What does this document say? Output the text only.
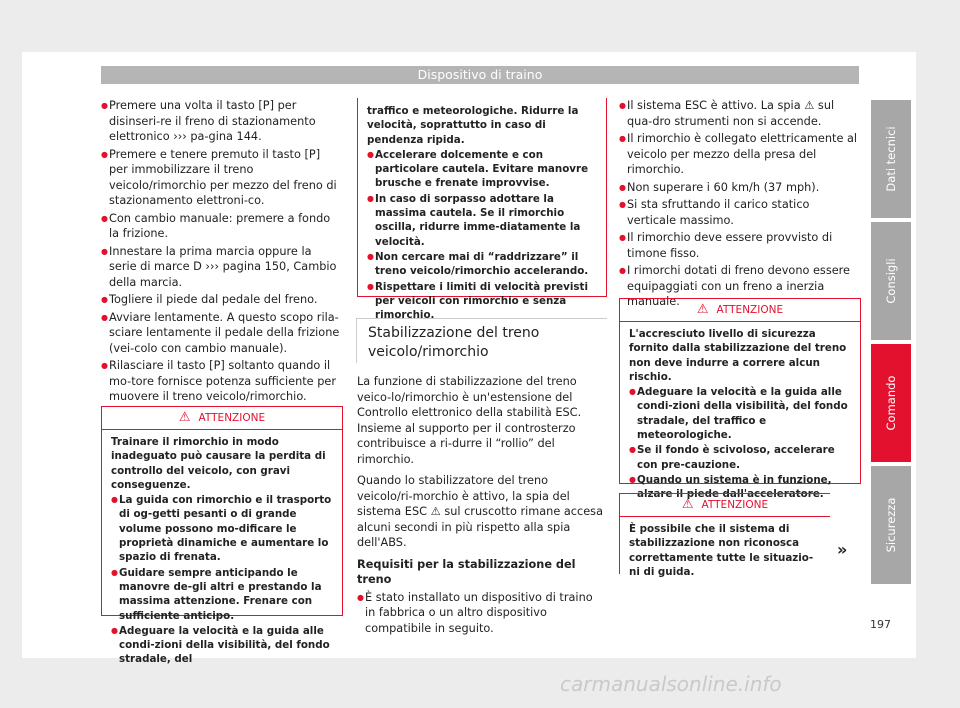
Dispositivo di traino
● Premere una volta il tasto [P] per disinseri-re il freno di stazionamento elettronico ››› pa-gina 144.
● Premere e tenere premuto il tasto [P] per immobilizzare il treno veicolo/rimorchio per mezzo del freno di stazionamento elettroni-co.
● Con cambio manuale: premere a fondo la frizione.
● Innestare la prima marcia oppure la serie di marce D ››› pagina 150, Cambio della marcia.
● Togliere il piede dal pedale del freno.
● Avviare lentamente. A questo scopo rila-sciare lentamente il pedale della frizione (vei-colo con cambio manuale).
● Rilasciare il tasto [P] soltanto quando il mo-tore fornisce potenza sufficiente per muovere il treno veicolo/rimorchio.
⚠ ATTENZIONE

Trainare il rimorchio in modo inadeguato può causare la perdita di controllo del veicolo, con gravi conseguenze.

● La guida con rimorchio e il trasporto di og-getti pesanti o di grande volume possono mo-dificare le proprietà dinamiche e aumentare lo spazio di frenata.
● Guidare sempre anticipando le manovre de-gli altri e prestando la massima attenzione. Frenare con sufficiente anticipo.
● Adeguare la velocità e la guida alle condi-zioni della visibilità, del fondo stradale, del

traffico e meteorologiche. Ridurre la velocità, soprattutto in caso di pendenza ripida.

● Accelerare dolcemente e con particolare cautela. Evitare manovre brusche e frenate improvvise.
● In caso di sorpasso adottare la massima cautela. Se il rimorchio oscilla, ridurre imme-diatamente la velocità.
● Non cercare mai di “raddrizzare” il treno veicolo/rimorchio accelerando.
● Rispettare i limiti di velocità previsti per veicoli con rimorchio e senza rimorchio.
Stabilizzazione del treno veicolo/rimorchio

La funzione di stabilizzazione del treno veico-lo/rimorchio è un'estensione del Controllo elettronico della stabilità ESC. Insieme al supporto per il controsterzo contribuisce a ri-durre il “rollio” del rimorchio.

Quando lo stabilizzatore del treno veicolo/ri-morchio è attivo, la spia del sistema ESC ⚠ sul cruscotto rimane accesa alcuni secondi in più rispetto alla spia dell'ABS.

Requisiti per la stabilizzazione del treno

● È stato installato un dispositivo di traino in fabbrica o un altro dispositivo compatibile in seguito.
● Il sistema ESC è attivo. La spia ⚠ sul qua-dro strumenti non si accende.
● Il rimorchio è collegato elettricamente al veicolo per mezzo della presa del rimorchio.
● Non superare i 60 km/h (37 mph).
● Si sta sfruttando il carico statico verticale massimo.
● Il rimorchio deve essere provvisto di timone fisso.
● I rimorchi dotati di freno devono essere equipaggiati con un freno a inerzia manuale.
⚠ ATTENZIONE

L'accresciuto livello di sicurezza fornito dalla stabilizzazione del treno non deve indurre a correre alcun rischio.

● Adeguare la velocità e la guida alle condi-zioni della visibilità, del fondo stradale, del traffico e meteorologiche.
● Se il fondo è scivoloso, accelerare con pre-cauzione.
● Quando un sistema è in funzione, alzare il piede dall'acceleratore.
⚠ ATTENZIONE

È possibile che il sistema di stabilizzazione non riconosca correttamente tutte le situazio-ni di guida.

»
Dati tecnici
Consigli
Comando
Sicurezza
197
carmanualsonline.info
